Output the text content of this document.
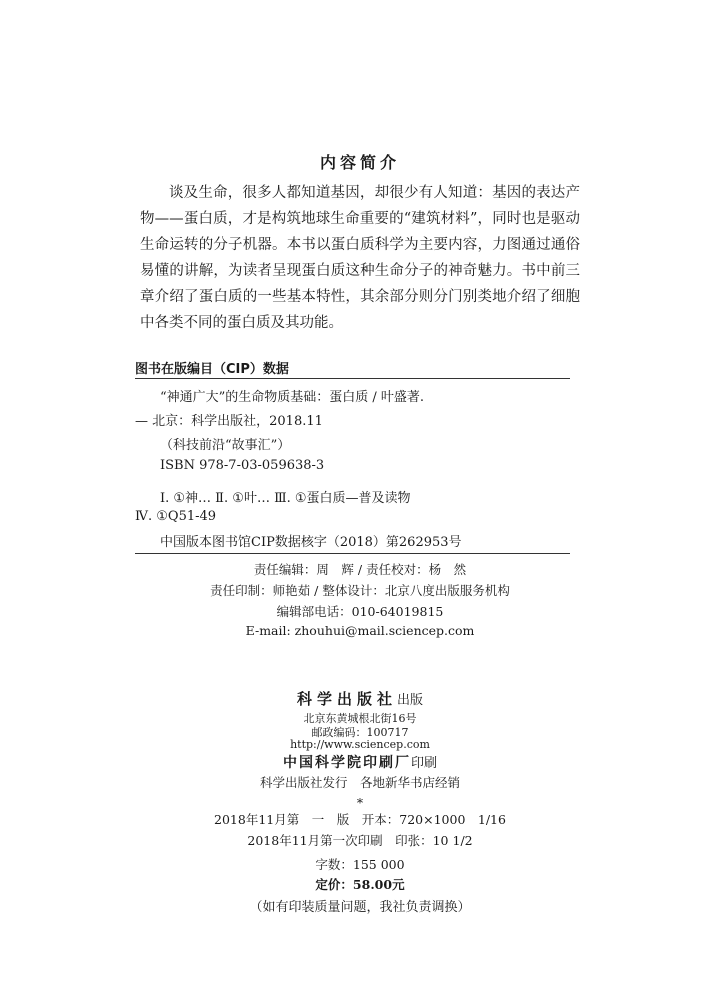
内容简介

谈及生命，很多人都知道基因，却很少有人知道：基因的表达产物——蛋白质，才是构筑地球生命重要的“建筑材料”，同时也是驱动生命运转的分子机器。本书以蛋白质科学为主要内容，力图通过通俗易懂的讲解，为读者呈现蛋白质这种生命分子的神奇魅力。书中前三章介绍了蛋白质的一些基本特性，其余部分则分门别类地介绍了细胞中各类不同的蛋白质及其功能。

图书在版编目（CIP）数据
“神通广大”的生命物质基础：蛋白质 / 叶盛著.
— 北京：科学出版社，2018.11
（科技前沿“故事汇”）
ISBN 978-7-03-059638-3
Ⅰ. ①神… Ⅱ. ①叶… Ⅲ. ①蛋白质—普及读物
Ⅳ. ①Q51-49
中国版本图书馆CIP数据核字（2018）第262953号
责任编辑：周　辉 / 责任校对：杨　然
责任印制：师艳茹 / 整体设计：北京八度出版服务机构
编辑部电话：010-64019815
E-mail: zhouhui@mail.sciencep.com
科学出版社出版
北京东黄城根北街16号
邮政编码：100717
http://www.sciencep.com
中国科学院印刷厂印刷
科学出版社发行　各地新华书店经销
*
2018年11月第　一　版　开本：720×1000　1/16
2018年11月第一次印刷　印张：10 1/2
字数：155 000
定价：58.00元
（如有印装质量问题，我社负责调换）
